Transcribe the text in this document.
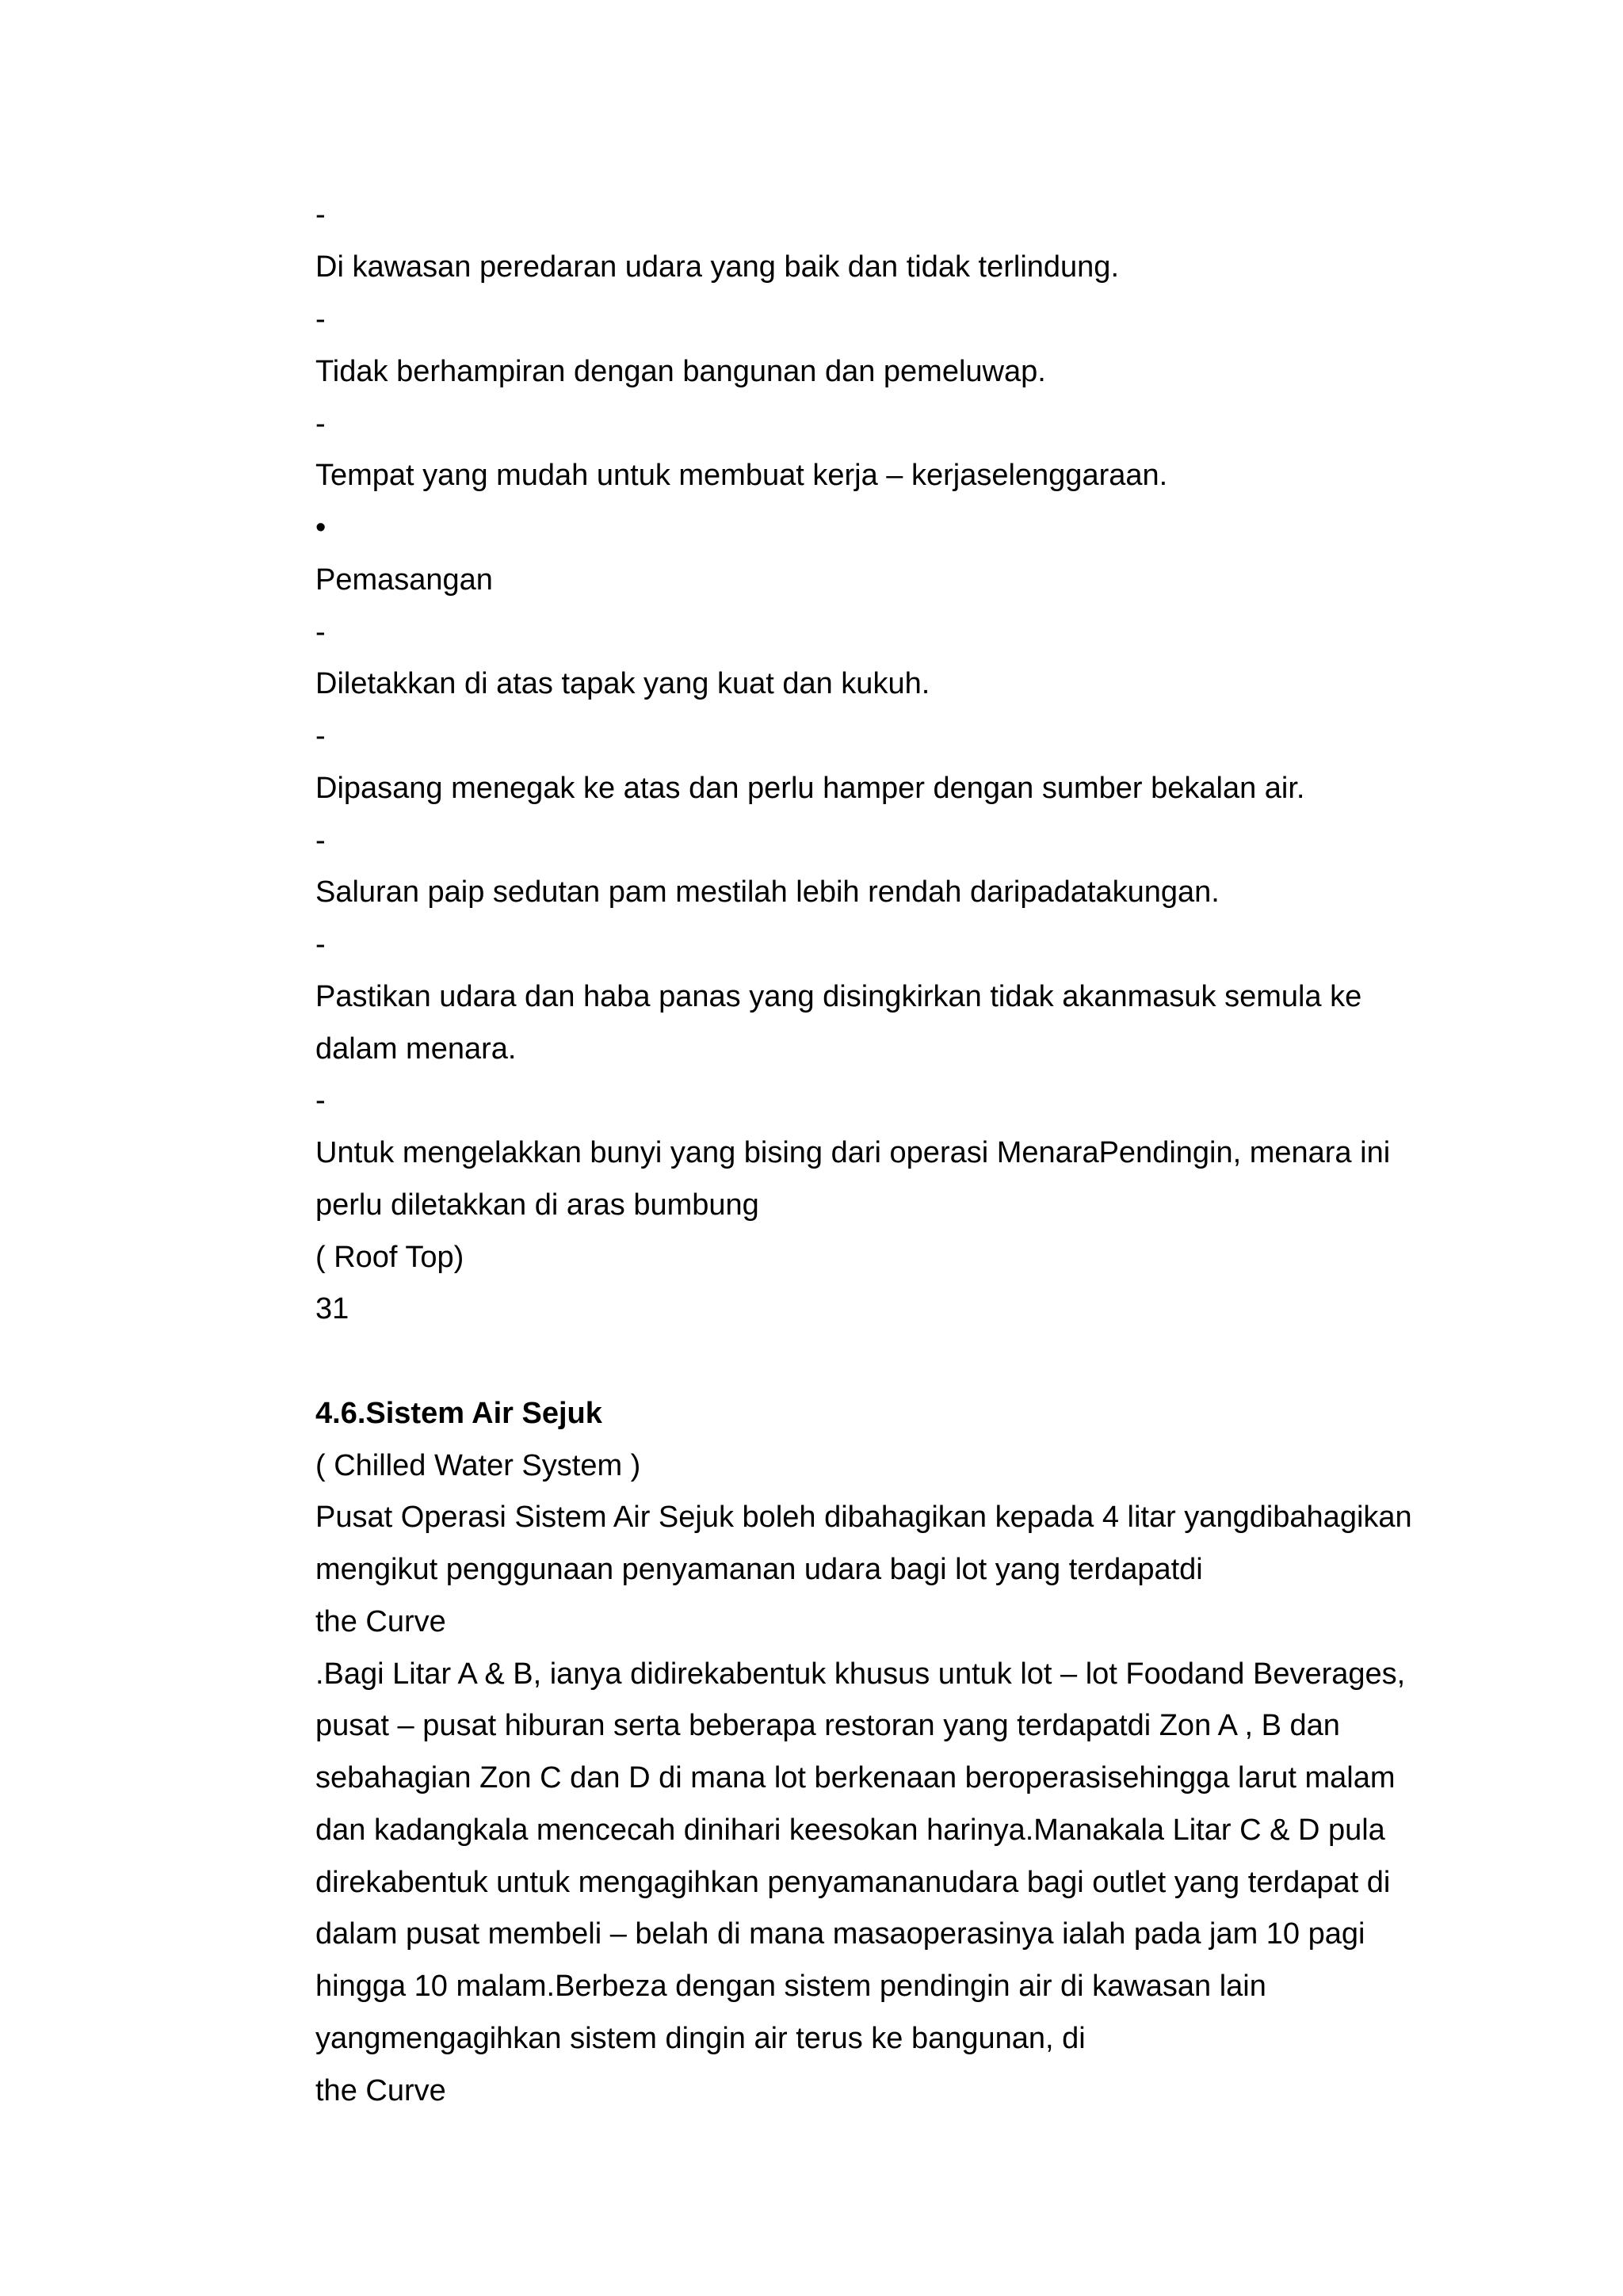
-
Di kawasan peredaran udara yang baik dan tidak terlindung.
-
Tidak berhampiran dengan bangunan dan pemeluwap.
-
Tempat yang mudah untuk membuat kerja – kerjaselenggaraan.
•
Pemasangan
-
Diletakkan di atas tapak yang kuat dan kukuh.
-
Dipasang menegak ke atas dan perlu hamper dengan sumber bekalan air.
-
Saluran paip sedutan pam mestilah lebih rendah daripadatakungan.
-
Pastikan udara dan haba panas yang disingkirkan tidak akanmasuk semula ke
dalam menara.
-
Untuk mengelakkan bunyi yang bising dari operasi MenaraPendingin, menara ini
perlu diletakkan di aras bumbung
( Roof Top)
31
4.6.Sistem Air Sejuk
( Chilled Water System )
Pusat Operasi Sistem Air Sejuk boleh dibahagikan kepada 4 litar yangdibahagikan
mengikut penggunaan penyamanan udara bagi lot yang terdapatdi
the Curve
.Bagi Litar A & B, ianya didirekabentuk khusus untuk lot – lot Foodand Beverages,
pusat – pusat hiburan serta beberapa restoran yang terdapatdi Zon A , B dan
sebahagian Zon C dan D di mana lot berkenaan beroperasisehingga larut malam
dan kadangkala mencecah dinihari keesokan harinya.Manakala Litar C & D pula
direkabentuk untuk mengagihkan penyamananudara bagi outlet yang terdapat di
dalam pusat membeli – belah di mana masaoperasinya ialah pada jam 10 pagi
hingga 10 malam.Berbeza dengan sistem pendingin air di kawasan lain
yangmengagihkan sistem dingin air terus ke bangunan, di
the Curve
